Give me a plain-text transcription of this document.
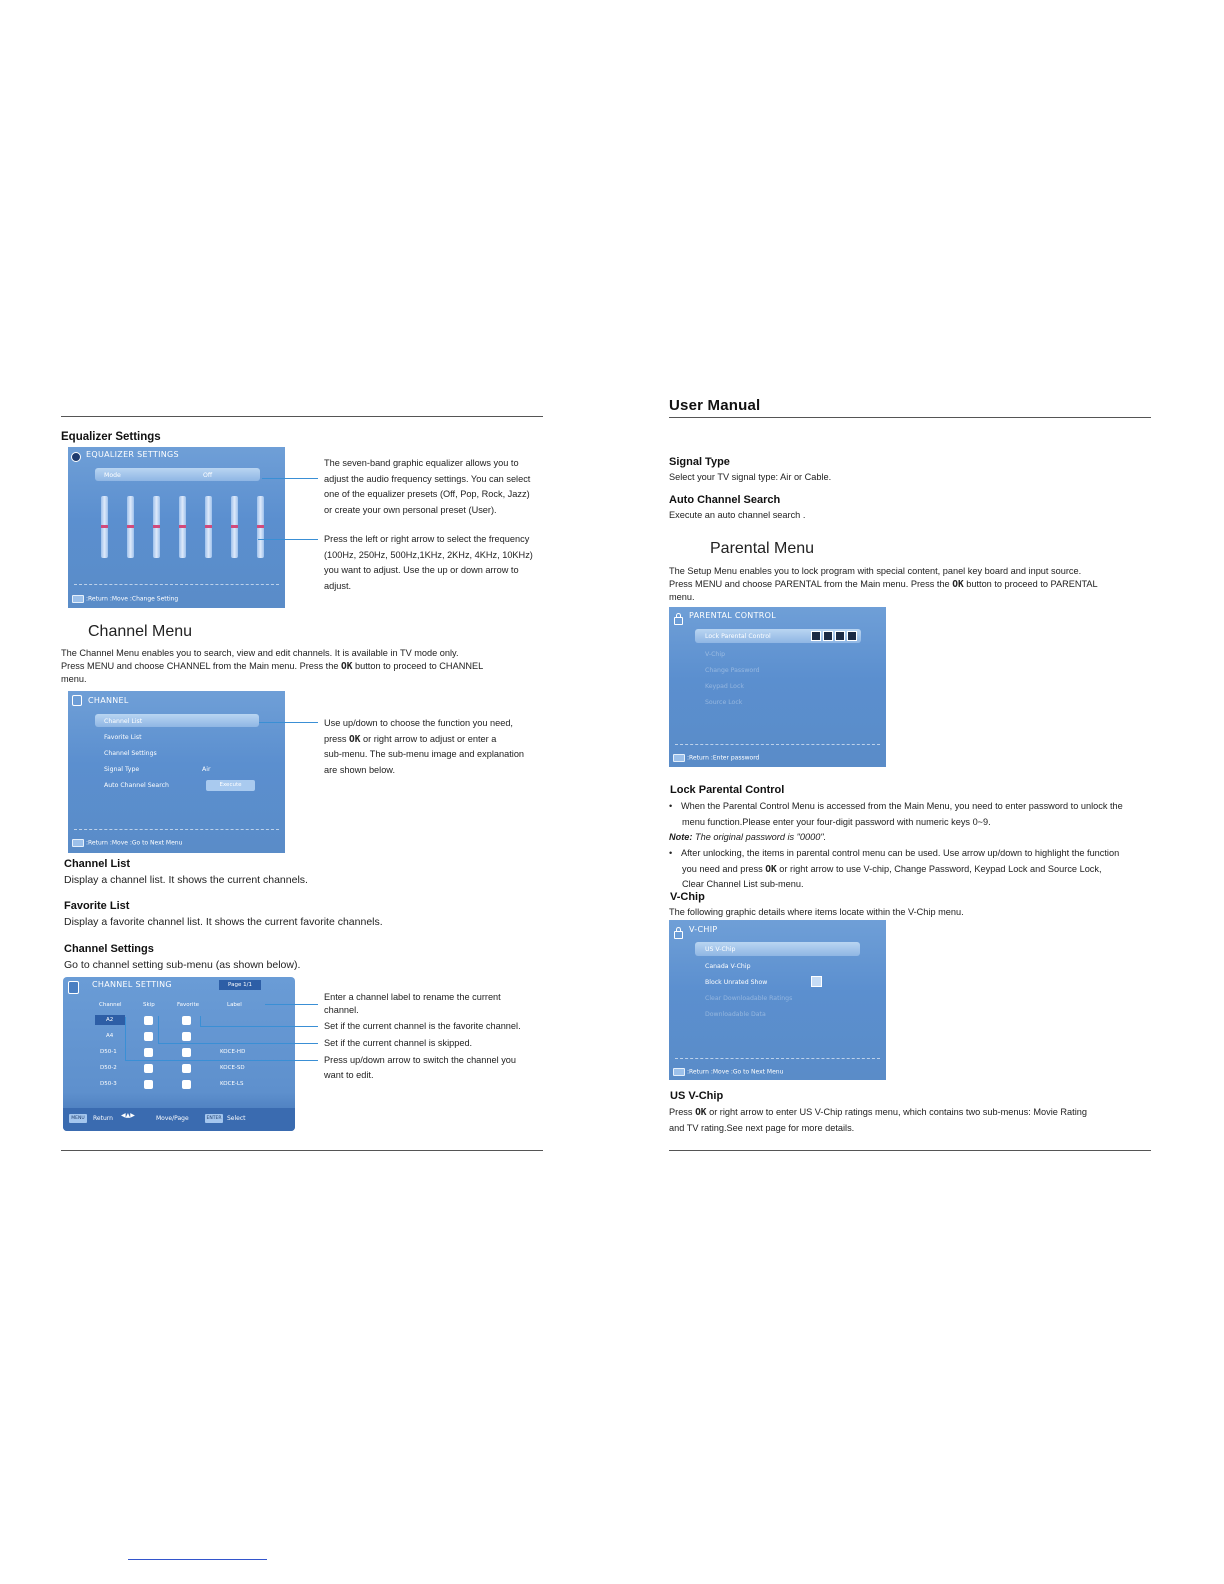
Equalizer Settings
EQUALIZER SETTINGS
Mode	Off
:Return :Move :Change Setting
The seven-band graphic equalizer allows you to
adjust the audio frequency settings. You can select
one of the equalizer presets (Off, Pop, Rock, Jazz)
or create your own personal preset (User).
Press the left or right arrow to select the frequency
(100Hz, 250Hz, 500Hz,1KHz, 2KHz, 4KHz, 10KHz)
you want to adjust. Use the up or down arrow to
adjust.
Channel Menu
The Channel Menu enables you to search, view and edit channels. It is available in TV mode only.
Press MENU and choose CHANNEL from the Main menu. Press the OK button to proceed to CHANNEL
menu.
CHANNEL
Channel List
Favorite List
Channel Settings
Signal Type	Air
Auto Channel Search	Execute
:Return :Move :Go to Next Menu
Use up/down to choose the function you need,
press OK or right arrow to adjust or enter a
sub-menu. The sub-menu image and explanation
are shown below.
Channel List
Display a channel list. It shows the current channels.
Favorite List
Display a favorite channel list. It shows the current favorite channels.
Channel Settings
Go to channel setting sub-menu (as shown below).
CHANNEL SETTING	Page 1/1
Channel	Skip	Favorite	Label
A2
A4
D50-1	KOCE-HD
D50-2	KOCE-SD
D50-3	KOCE-LS
MENU	Return ◀▲▶	Move/Page	ENTER Select
Enter a channel label to rename the current
channel.
Set if the current channel is the favorite channel.
Set if the current channel is skipped.
Press up/down arrow to switch the channel you
want to edit.
User Manual
Signal Type
Select your TV signal type: Air or Cable.
Auto Channel Search
Execute an auto channel search .
Parental Menu
The Setup Menu enables you to lock program with special content, panel key board and input source.
Press MENU and choose PARENTAL from the Main menu. Press the OK button to proceed to PARENTAL
menu.
PARENTAL CONTROL
Lock Parental Control
V-Chip
Change Password
Keypad Lock
Source Lock
:Return :Enter password
Lock Parental Control
• When the Parental Control Menu is accessed from the Main Menu, you need to enter password to unlock the
menu function.Please enter your four-digit password with numeric keys 0~9.
Note: The original password is "0000".
• After unlocking, the items in parental control menu can be used. Use arrow up/down to highlight the function
you need and press OK or right arrow to use V-chip, Change Password, Keypad Lock and Source Lock,
Clear Channel List sub-menu.
V-Chip
The following graphic details where items locate within the V-Chip menu.
V-CHIP
US V-Chip
Canada V-Chip
Block Unrated Show
Clear Downloadable Ratings
Downloadable Data
:Return :Move :Go to Next Menu
US V-Chip
Press OK or right arrow to enter US V-Chip ratings menu, which contains two sub-menus: Movie Rating
and TV rating.See next page for more details.
